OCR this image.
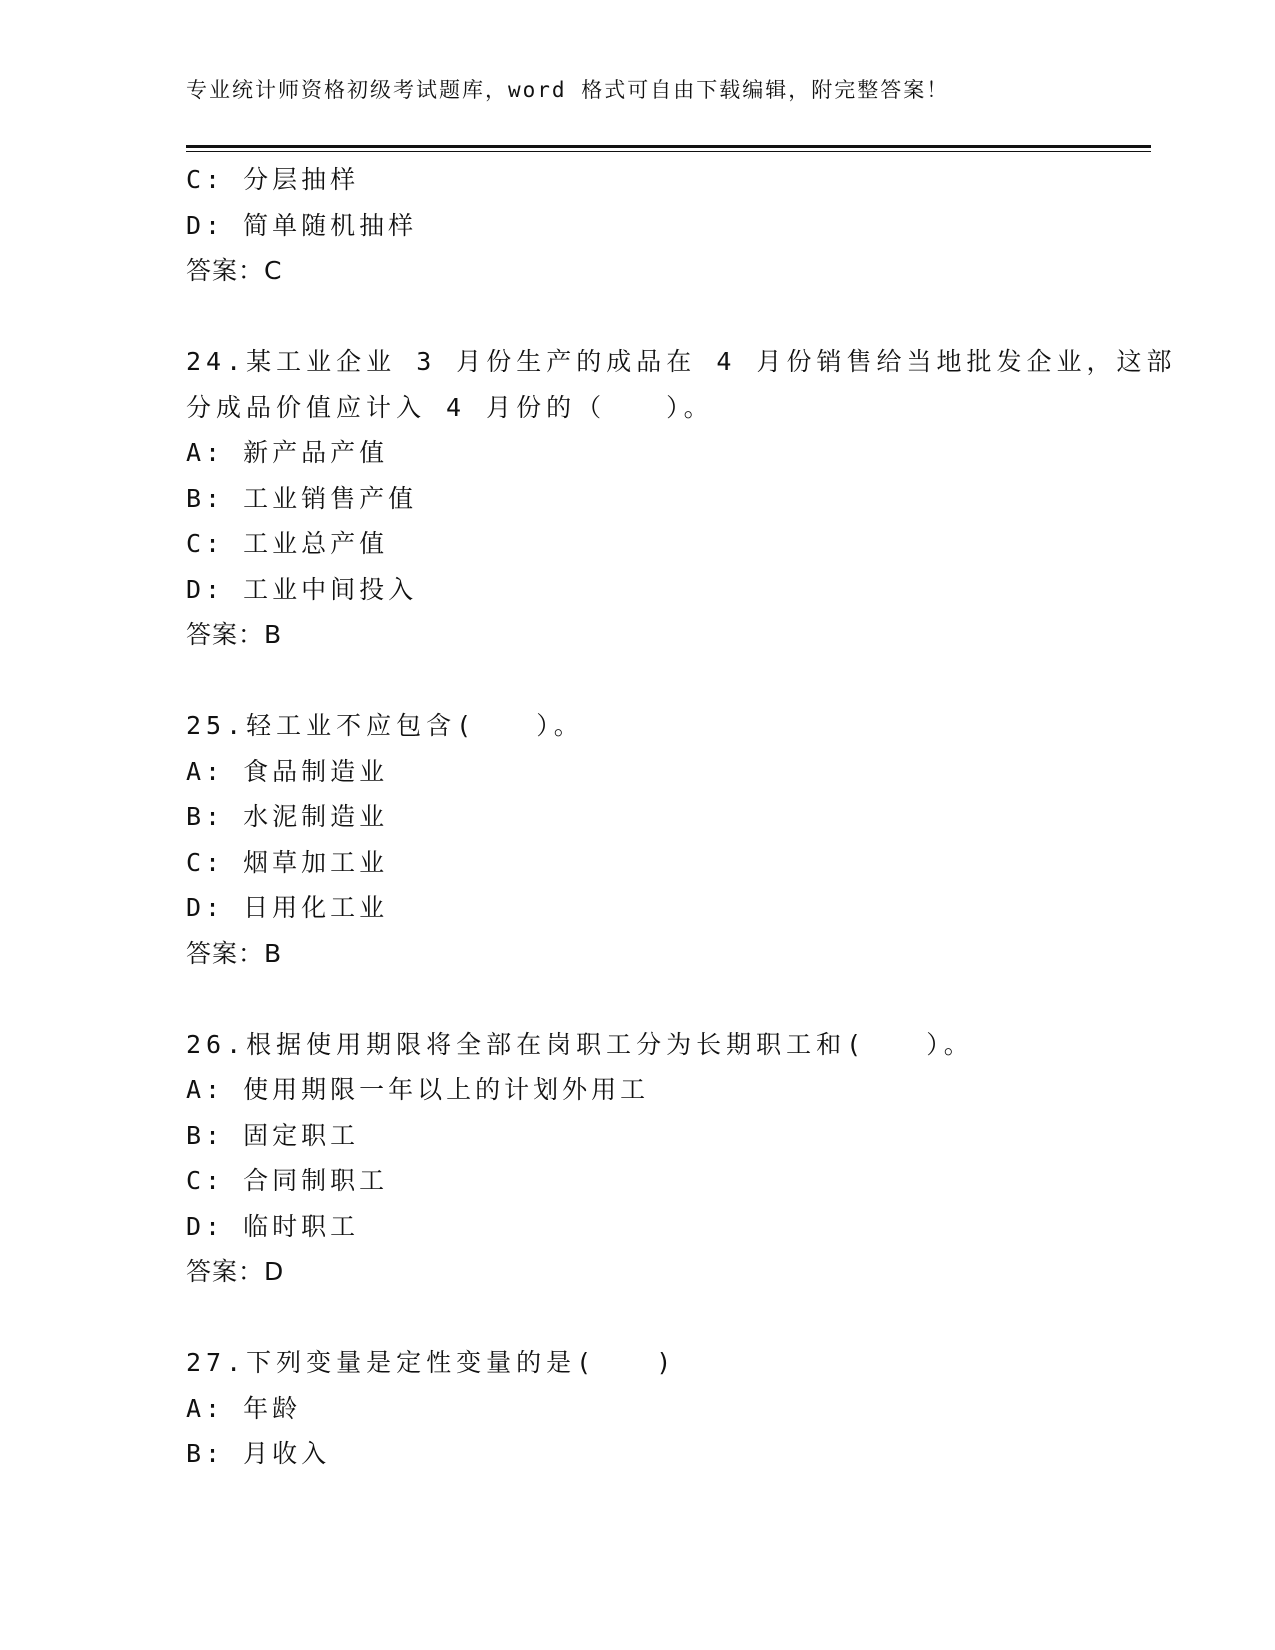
专业统计师资格初级考试题库，word 格式可自由下载编辑，附完整答案！
C: 分层抽样
D: 简单随机抽样
答案：C
24.某工业企业 3 月份生产的成品在 4 月份销售给当地批发企业，这部
分成品价值应计入 4 月份的（　　）。
A: 新产品产值
B: 工业销售产值
C: 工业总产值
D: 工业中间投入
答案：B
25.轻工业不应包含(　　）。
A: 食品制造业
B: 水泥制造业
C: 烟草加工业
D: 日用化工业
答案：B
26.根据使用期限将全部在岗职工分为长期职工和(　　）。
A: 使用期限一年以上的计划外用工
B: 固定职工
C: 合同制职工
D: 临时职工
答案：D
27.下列变量是定性变量的是(　　)
A: 年龄
B: 月收入
